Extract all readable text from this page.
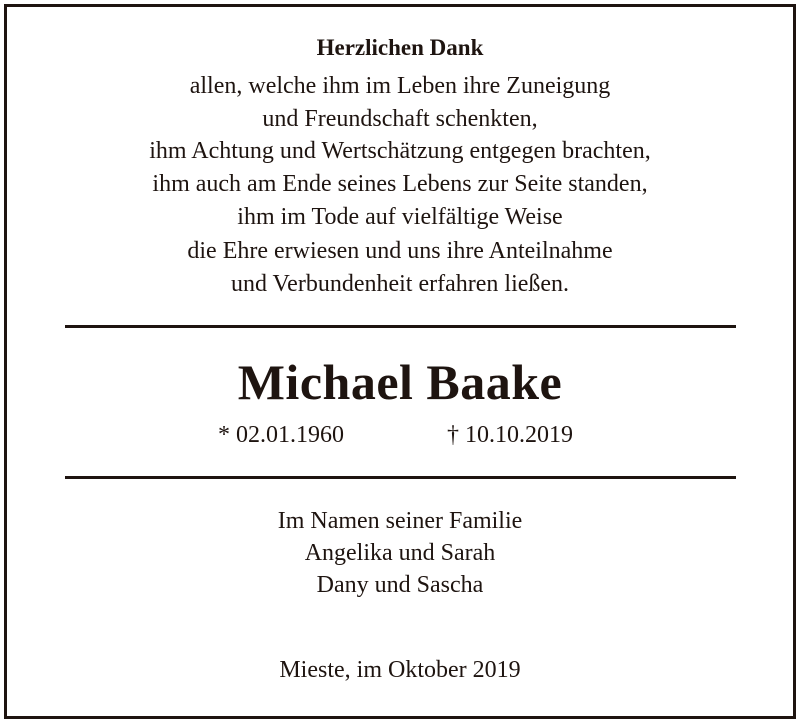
Herzlichen Dank
allen, welche ihm im Leben ihre Zuneigung
und Freundschaft schenkten,
ihm Achtung und Wertschätzung entgegen brachten,
ihm auch am Ende seines Lebens zur Seite standen,
ihm im Tode auf vielfältige Weise
die Ehre erwiesen und uns ihre Anteilnahme
und Verbundenheit erfahren ließen.
Michael Baake
* 02.01.1960	† 10.10.2019
Im Namen seiner Familie
Angelika und Sarah
Dany und Sascha
Mieste, im Oktober 2019
